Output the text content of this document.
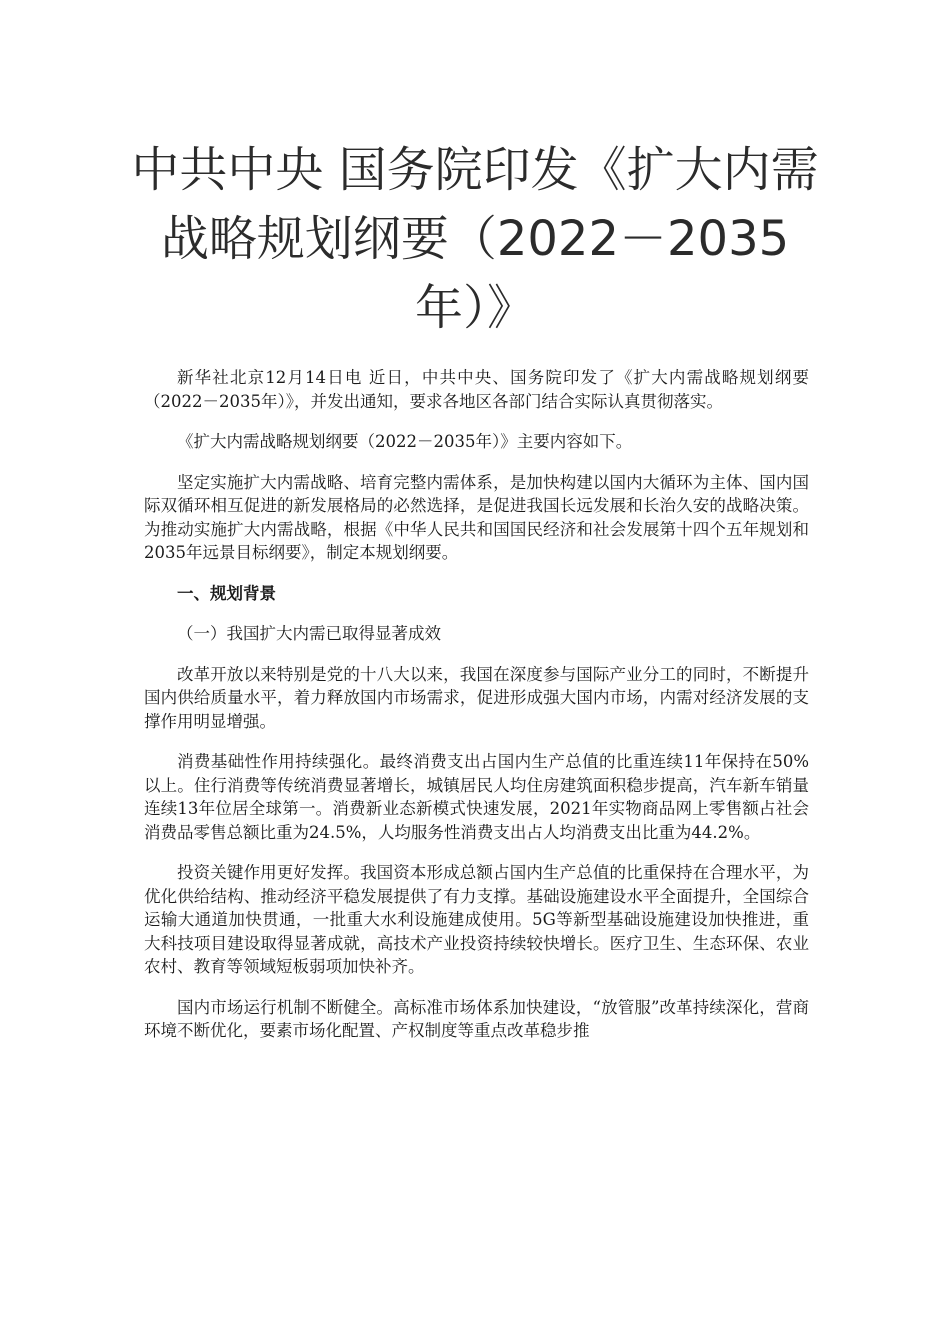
中共中央 国务院印发《扩大内需
战略规划纲要（2022－2035
年）》

新华社北京12月14日电 近日，中共中央、国务院印发了《扩大内需战略规划纲要（2022－2035年）》，并发出通知，要求各地区各部门结合实际认真贯彻落实。

《扩大内需战略规划纲要（2022－2035年）》主要内容如下。

坚定实施扩大内需战略、培育完整内需体系，是加快构建以国内大循环为主体、国内国际双循环相互促进的新发展格局的必然选择，是促进我国长远发展和长治久安的战略决策。为推动实施扩大内需战略，根据《中华人民共和国国民经济和社会发展第十四个五年规划和2035年远景目标纲要》，制定本规划纲要。

一、规划背景

（一）我国扩大内需已取得显著成效

改革开放以来特别是党的十八大以来，我国在深度参与国际产业分工的同时，不断提升国内供给质量水平，着力释放国内市场需求，促进形成强大国内市场，内需对经济发展的支撑作用明显增强。

消费基础性作用持续强化。最终消费支出占国内生产总值的比重连续11年保持在50%以上。住行消费等传统消费显著增长，城镇居民人均住房建筑面积稳步提高，汽车新车销量连续13年位居全球第一。消费新业态新模式快速发展，2021年实物商品网上零售额占社会消费品零售总额比重为24.5%，人均服务性消费支出占人均消费支出比重为44.2%。

投资关键作用更好发挥。我国资本形成总额占国内生产总值的比重保持在合理水平，为优化供给结构、推动经济平稳发展提供了有力支撑。基础设施建设水平全面提升，全国综合运输大通道加快贯通，一批重大水利设施建成使用。5G等新型基础设施建设加快推进，重大科技项目建设取得显著成就，高技术产业投资持续较快增长。医疗卫生、生态环保、农业农村、教育等领域短板弱项加快补齐。

国内市场运行机制不断健全。高标准市场体系加快建设，“放管服”改革持续深化，营商环境不断优化，要素市场化配置、产权制度等重点改革稳步推
